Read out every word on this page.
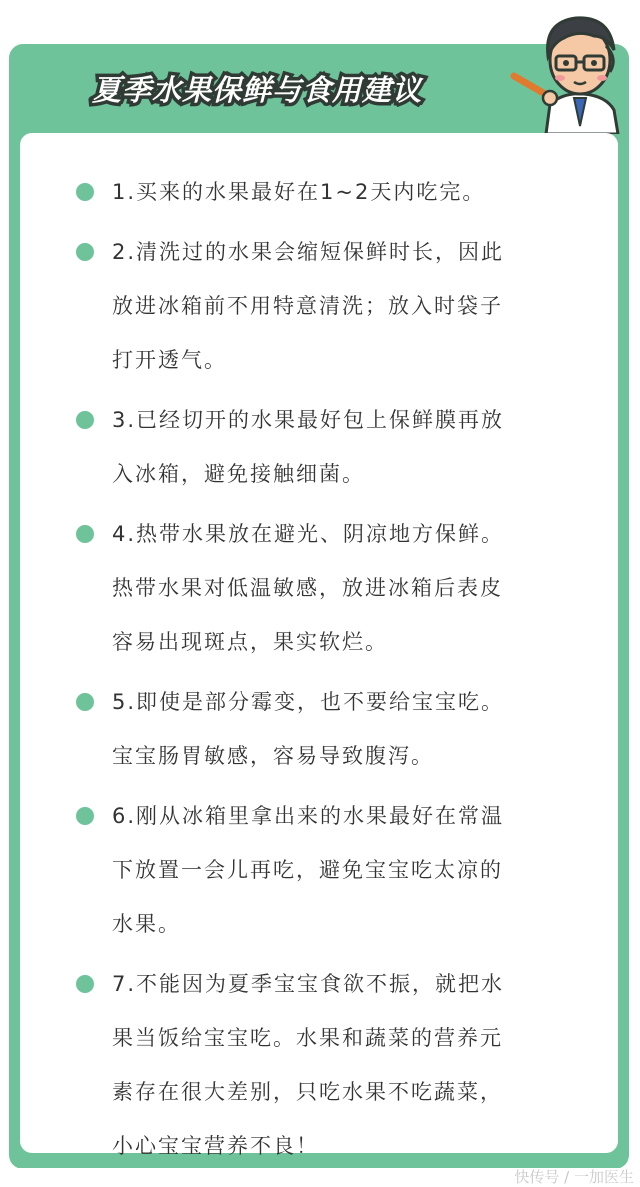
夏季水果保鲜与食用建议
1.买来的水果最好在1~2天内吃完。
2.清洗过的水果会缩短保鲜时长，因此
放进冰箱前不用特意清洗；放入时袋子
打开透气。
3.已经切开的水果最好包上保鲜膜再放
入冰箱，避免接触细菌。
4.热带水果放在避光、阴凉地方保鲜。
热带水果对低温敏感，放进冰箱后表皮
容易出现斑点，果实软烂。
5.即使是部分霉变，也不要给宝宝吃。
宝宝肠胃敏感，容易导致腹泻。
6.刚从冰箱里拿出来的水果最好在常温
下放置一会儿再吃，避免宝宝吃太凉的
水果。
7.不能因为夏季宝宝食欲不振，就把水
果当饭给宝宝吃。水果和蔬菜的营养元
素存在很大差别，只吃水果不吃蔬菜，
小心宝宝营养不良！
快传号 / 一加医生
